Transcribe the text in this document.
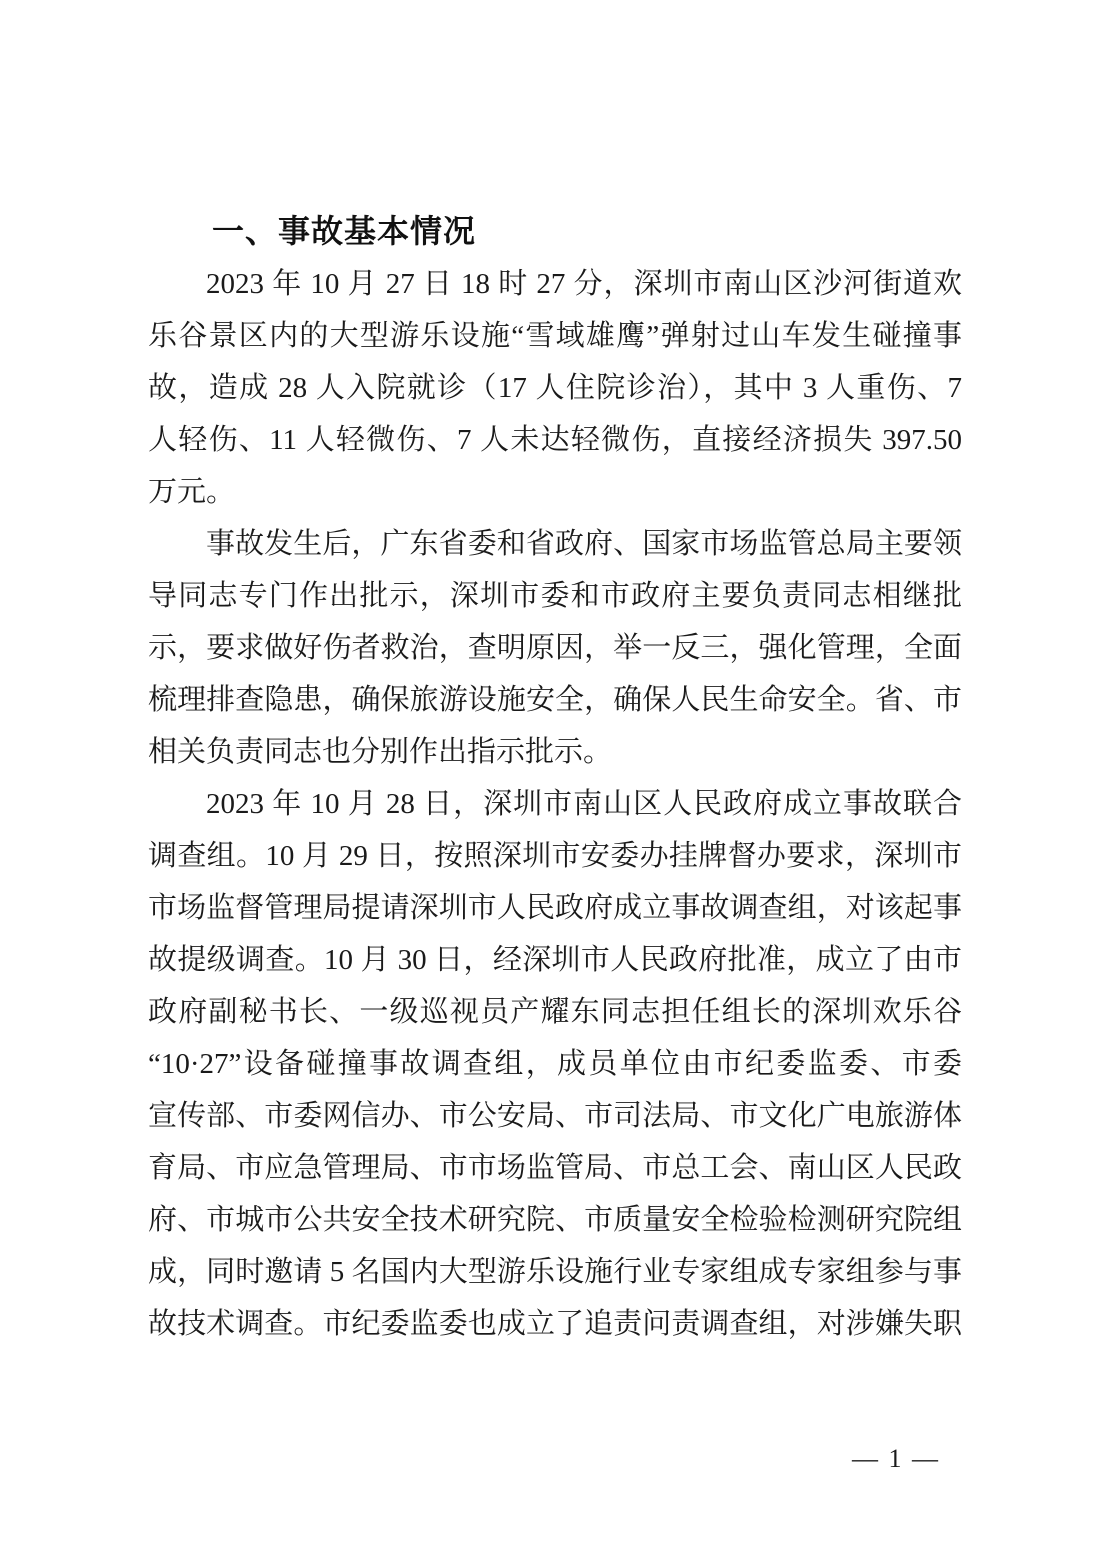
一、事故基本情况
2023 年 10 月 27 日 18 时 27 分，深圳市南山区沙河街道欢
乐谷景区内的大型游乐设施“雪域雄鹰”弹射过山车发生碰撞事
故，造成 28 人入院就诊（17 人住院诊治），其中 3 人重伤、7
人轻伤、11 人轻微伤、7 人未达轻微伤，直接经济损失 397.50
万元。
事故发生后，广东省委和省政府、国家市场监管总局主要领
导同志专门作出批示，深圳市委和市政府主要负责同志相继批
示，要求做好伤者救治，查明原因，举一反三，强化管理，全面
梳理排查隐患，确保旅游设施安全，确保人民生命安全。省、市
相关负责同志也分别作出指示批示。
2023 年 10 月 28 日，深圳市南山区人民政府成立事故联合
调查组。10 月 29 日，按照深圳市安委办挂牌督办要求，深圳市
市场监督管理局提请深圳市人民政府成立事故调查组，对该起事
故提级调查。10 月 30 日，经深圳市人民政府批准，成立了由市
政府副秘书长、一级巡视员产耀东同志担任组长的深圳欢乐谷
“10·27”设备碰撞事故调查组，成员单位由市纪委监委、市委
宣传部、市委网信办、市公安局、市司法局、市文化广电旅游体
育局、市应急管理局、市市场监管局、市总工会、南山区人民政
府、市城市公共安全技术研究院、市质量安全检验检测研究院组
成，同时邀请 5 名国内大型游乐设施行业专家组成专家组参与事
故技术调查。市纪委监委也成立了追责问责调查组，对涉嫌失职
— 1 —
